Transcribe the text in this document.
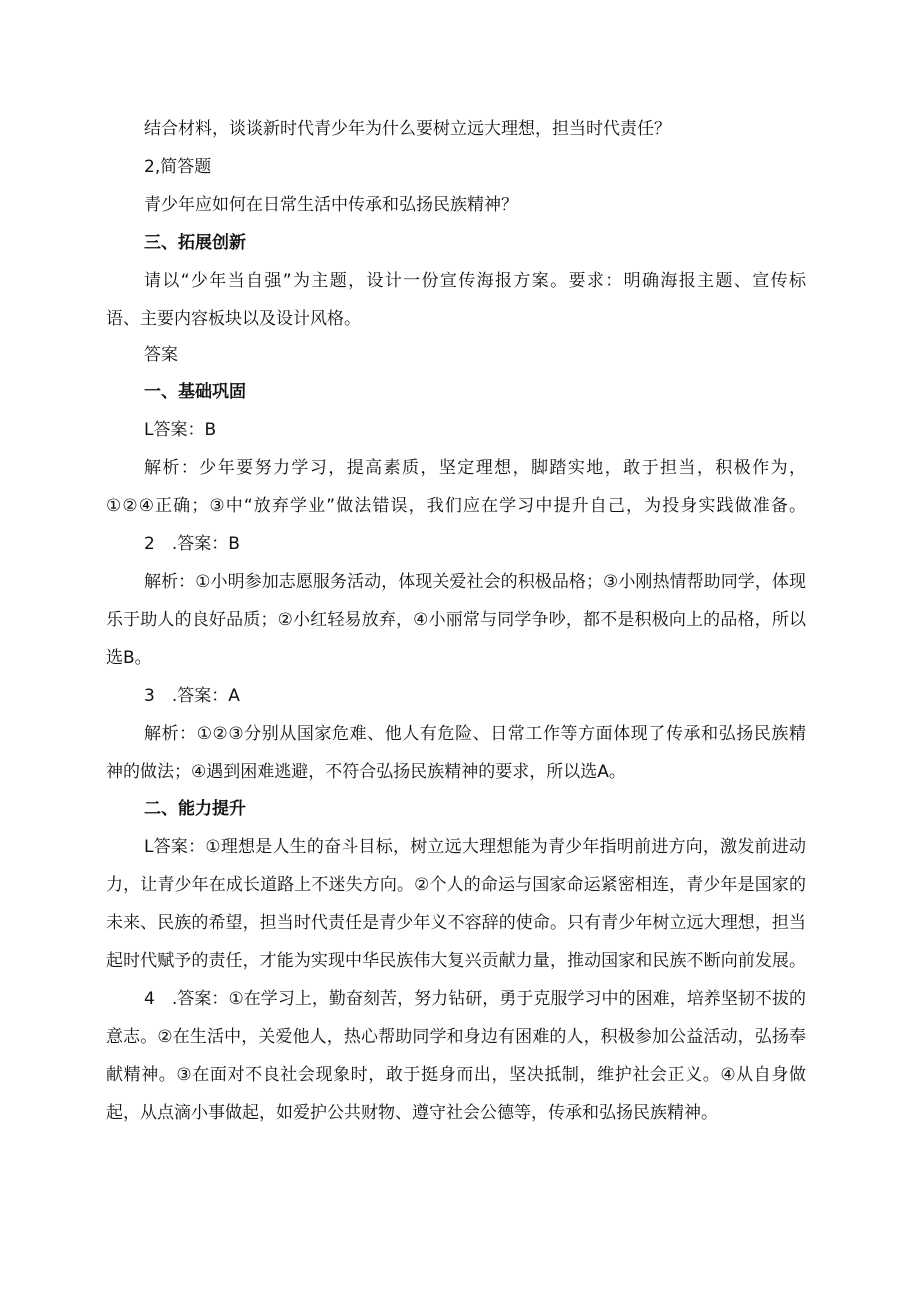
结合材料，谈谈新时代青少年为什么要树立远大理想，担当时代责任？
2,简答题
青少年应如何在日常生活中传承和弘扬民族精神？
三、拓展创新
请以“少年当自强”为主题，设计一份宣传海报方案。要求：明确海报主题、宣传标
语、主要内容板块以及设计风格。
答案
一、基础巩固
L答案：B
解析：少年要努力学习，提高素质，坚定理想，脚踏实地，敢于担当，积极作为，
①②④正确；③中“放弃学业”做法错误，我们应在学习中提升自己，为投身实践做准备。
2　.答案：B
解析：①小明参加志愿服务活动，体现关爱社会的积极品格；③小刚热情帮助同学，体现
乐于助人的良好品质；②小红轻易放弃，④小丽常与同学争吵，都不是积极向上的品格，所以
选B。
3　.答案：A
解析：①②③分别从国家危难、他人有危险、日常工作等方面体现了传承和弘扬民族精
神的做法；④遇到困难逃避，不符合弘扬民族精神的要求，所以选A。
二、能力提升
L答案：①理想是人生的奋斗目标，树立远大理想能为青少年指明前进方向，激发前进动
力，让青少年在成长道路上不迷失方向。②个人的命运与国家命运紧密相连，青少年是国家的
未来、民族的希望，担当时代责任是青少年义不容辞的使命。只有青少年树立远大理想，担当
起时代赋予的责任，才能为实现中华民族伟大复兴贡献力量，推动国家和民族不断向前发展。
4　.答案：①在学习上，勤奋刻苦，努力钻研，勇于克服学习中的困难，培养坚韧不拔的
意志。②在生活中，关爱他人，热心帮助同学和身边有困难的人，积极参加公益活动，弘扬奉
献精神。③在面对不良社会现象时，敢于挺身而出，坚决抵制，维护社会正义。④从自身做
起，从点滴小事做起，如爱护公共财物、遵守社会公德等，传承和弘扬民族精神。
